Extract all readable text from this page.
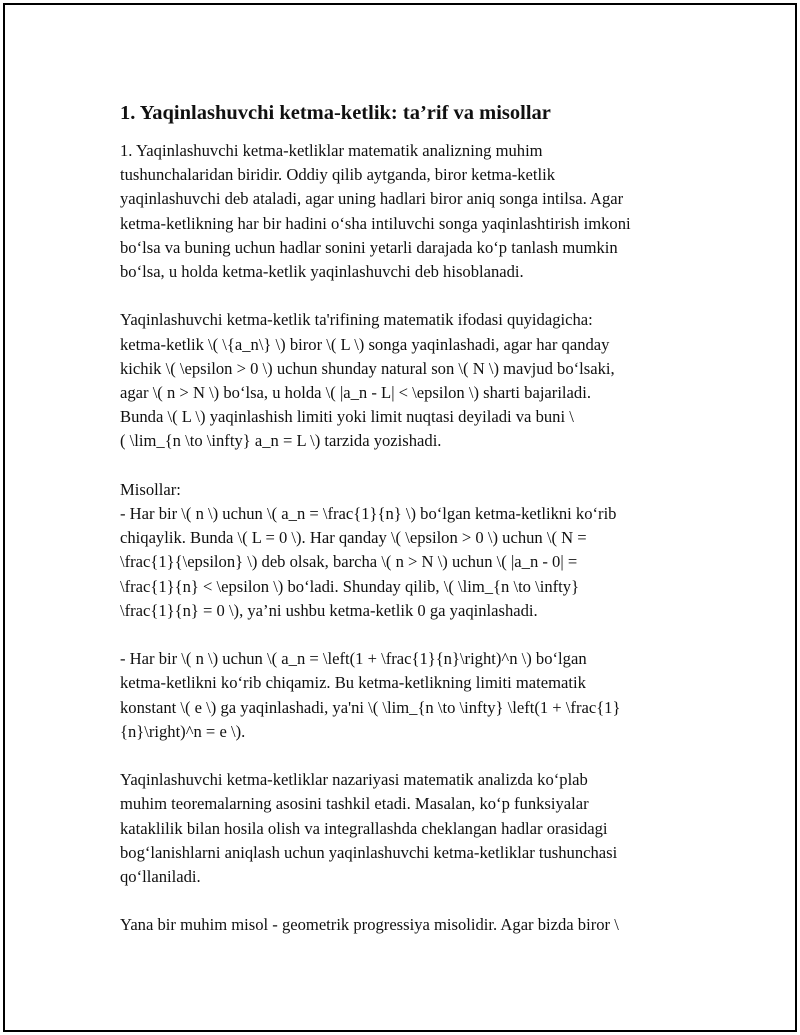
1. Yaqinlashuvchi ketma-ketlik: ta’rif va misollar

1. Yaqinlashuvchi ketma-ketliklar matematik analizning muhim
tushunchalaridan biridir. Oddiy qilib aytganda, biror ketma-ketlik
yaqinlashuvchi deb ataladi, agar uning hadlari biror aniq songa intilsa. Agar
ketma-ketlikning har bir hadini o‘sha intiluvchi songa yaqinlashtirish imkoni
bo‘lsa va buning uchun hadlar sonini yetarli darajada ko‘p tanlash mumkin
bo‘lsa, u holda ketma-ketlik yaqinlashuvchi deb hisoblanadi.

Yaqinlashuvchi ketma-ketlik ta'rifining matematik ifodasi quyidagicha:
ketma-ketlik \( \{a_n\} \) biror \( L \) songa yaqinlashadi, agar har qanday
kichik \( \epsilon > 0 \) uchun shunday natural son \( N \) mavjud bo‘lsaki,
agar \( n > N \) bo‘lsa, u holda \( |a_n - L| < \epsilon \) sharti bajariladi.
Bunda \( L \) yaqinlashish limiti yoki limit nuqtasi deyiladi va buni \
( \lim_{n \to \infty} a_n = L \) tarzida yozishadi.

Misollar:
- Har bir \( n \) uchun \( a_n = \frac{1}{n} \) bo‘lgan ketma-ketlikni ko‘rib
chiqaylik. Bunda \( L = 0 \). Har qanday \( \epsilon > 0 \) uchun \( N =
\frac{1}{\epsilon} \) deb olsak, barcha \( n > N \) uchun \( |a_n - 0| =
\frac{1}{n} < \epsilon \) bo‘ladi. Shunday qilib, \( \lim_{n \to \infty}
\frac{1}{n} = 0 \), ya’ni ushbu ketma-ketlik 0 ga yaqinlashadi.

- Har bir \( n \) uchun \( a_n = \left(1 + \frac{1}{n}\right)^n \) bo‘lgan
ketma-ketlikni ko‘rib chiqamiz. Bu ketma-ketlikning limiti matematik
konstant \( e \) ga yaqinlashadi, ya'ni \( \lim_{n \to \infty} \left(1 + \frac{1}
{n}\right)^n = e \).

Yaqinlashuvchi ketma-ketliklar nazariyasi matematik analizda ko‘plab
muhim teoremalarning asosini tashkil etadi. Masalan, ko‘p funksiyalar
kataklilik bilan hosila olish va integrallashda cheklangan hadlar orasidagi
bog‘lanishlarni aniqlash uchun yaqinlashuvchi ketma-ketliklar tushunchasi
qo‘llaniladi.

Yana bir muhim misol - geometrik progressiya misolidir. Agar bizda biror \
